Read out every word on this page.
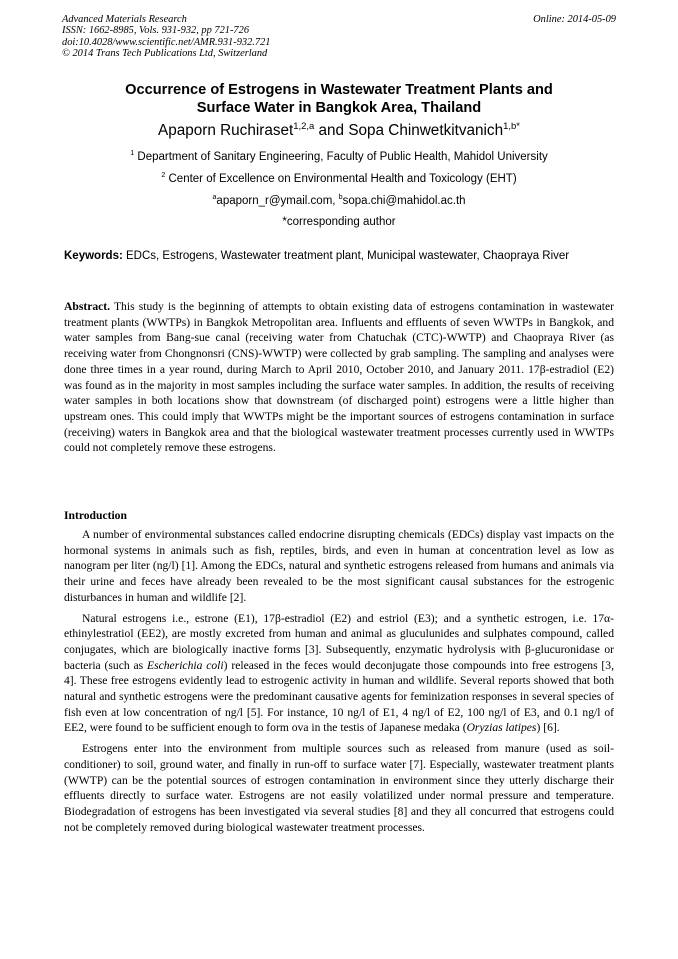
Advanced Materials Research
ISSN: 1662-8985, Vols. 931-932, pp 721-726
doi:10.4028/www.scientific.net/AMR.931-932.721
© 2014 Trans Tech Publications Ltd, Switzerland
Online: 2014-05-09
Occurrence of Estrogens in Wastewater Treatment Plants and
Surface Water in Bangkok Area, Thailand
Apaporn Ruchiraset$^{1,2,a}$ and Sopa Chinwetkitvanich$^{1,b*}$
$^1$ Department of Sanitary Engineering, Faculty of Public Health, Mahidol University
$^2$ Center of Excellence on Environmental Health and Toxicology (EHT)
$^a$apaporn_r@ymail.com, $^b$sopa.chi@mahidol.ac.th
*corresponding author
Keywords: EDCs, Estrogens, Wastewater treatment plant, Municipal wastewater, Chaopraya River
Abstract. This study is the beginning of attempts to obtain existing data of estrogens contamination in wastewater treatment plants (WWTPs) in Bangkok Metropolitan area. Influents and effluents of seven WWTPs in Bangkok, and water samples from Bang-sue canal (receiving water from Chatuchak (CTC)-WWTP) and Chaopraya River (as receiving water from Chongnonsri (CNS)-WWTP) were collected by grab sampling. The sampling and analyses were done three times in a year round, during March to April 2010, October 2010, and January 2011. 17β-estradiol (E2) was found as in the majority in most samples including the surface water samples. In addition, the results of receiving water samples in both locations show that downstream (of discharged point) estrogens were a little higher than upstream ones. This could imply that WWTPs might be the important sources of estrogens contamination in surface (receiving) waters in Bangkok area and that the biological wastewater treatment processes currently used in WWTPs could not completely remove these estrogens.
Introduction

A number of environmental substances called endocrine disrupting chemicals (EDCs) display vast impacts on the hormonal systems in animals such as fish, reptiles, birds, and even in human at concentration level as low as nanogram per liter (ng/l) [1]. Among the EDCs, natural and synthetic estrogens released from humans and animals via their urine and feces have already been revealed to be the most significant causal substances for the estrogenic disturbances in human and wildlife [2].

Natural estrogens i.e., estrone (E1), 17β-estradiol (E2) and estriol (E3); and a synthetic estrogen, i.e. 17α-ethinylestratiol (EE2), are mostly excreted from human and animal as gluculunides and sulphates compound, called conjugates, which are biologically inactive forms [3]. Subsequently, enzymatic hydrolysis with β-glucuronidase or bacteria (such as Escherichia coli) released in the feces would deconjugate those compounds into free estrogens [3, 4]. These free estrogens evidently lead to estrogenic activity in human and wildlife. Several reports showed that both natural and synthetic estrogens were the predominant causative agents for feminization responses in several species of fish even at low concentration of ng/l [5]. For instance, 10 ng/l of E1, 4 ng/l of E2, 100 ng/l of E3, and 0.1 ng/l of EE2, were found to be sufficient enough to form ova in the testis of Japanese medaka (Oryzias latipes) [6].

Estrogens enter into the environment from multiple sources such as released from manure (used as soil-conditioner) to soil, ground water, and finally in run-off to surface water [7]. Especially, wastewater treatment plants (WWTP) can be the potential sources of estrogen contamination in environment since they utterly discharge their effluents directly to surface water. Estrogens are not easily volatilized under normal pressure and temperature. Biodegradation of estrogens has been investigated via several studies [8] and they all concurred that estrogens could not be completely removed during biological wastewater treatment processes.
